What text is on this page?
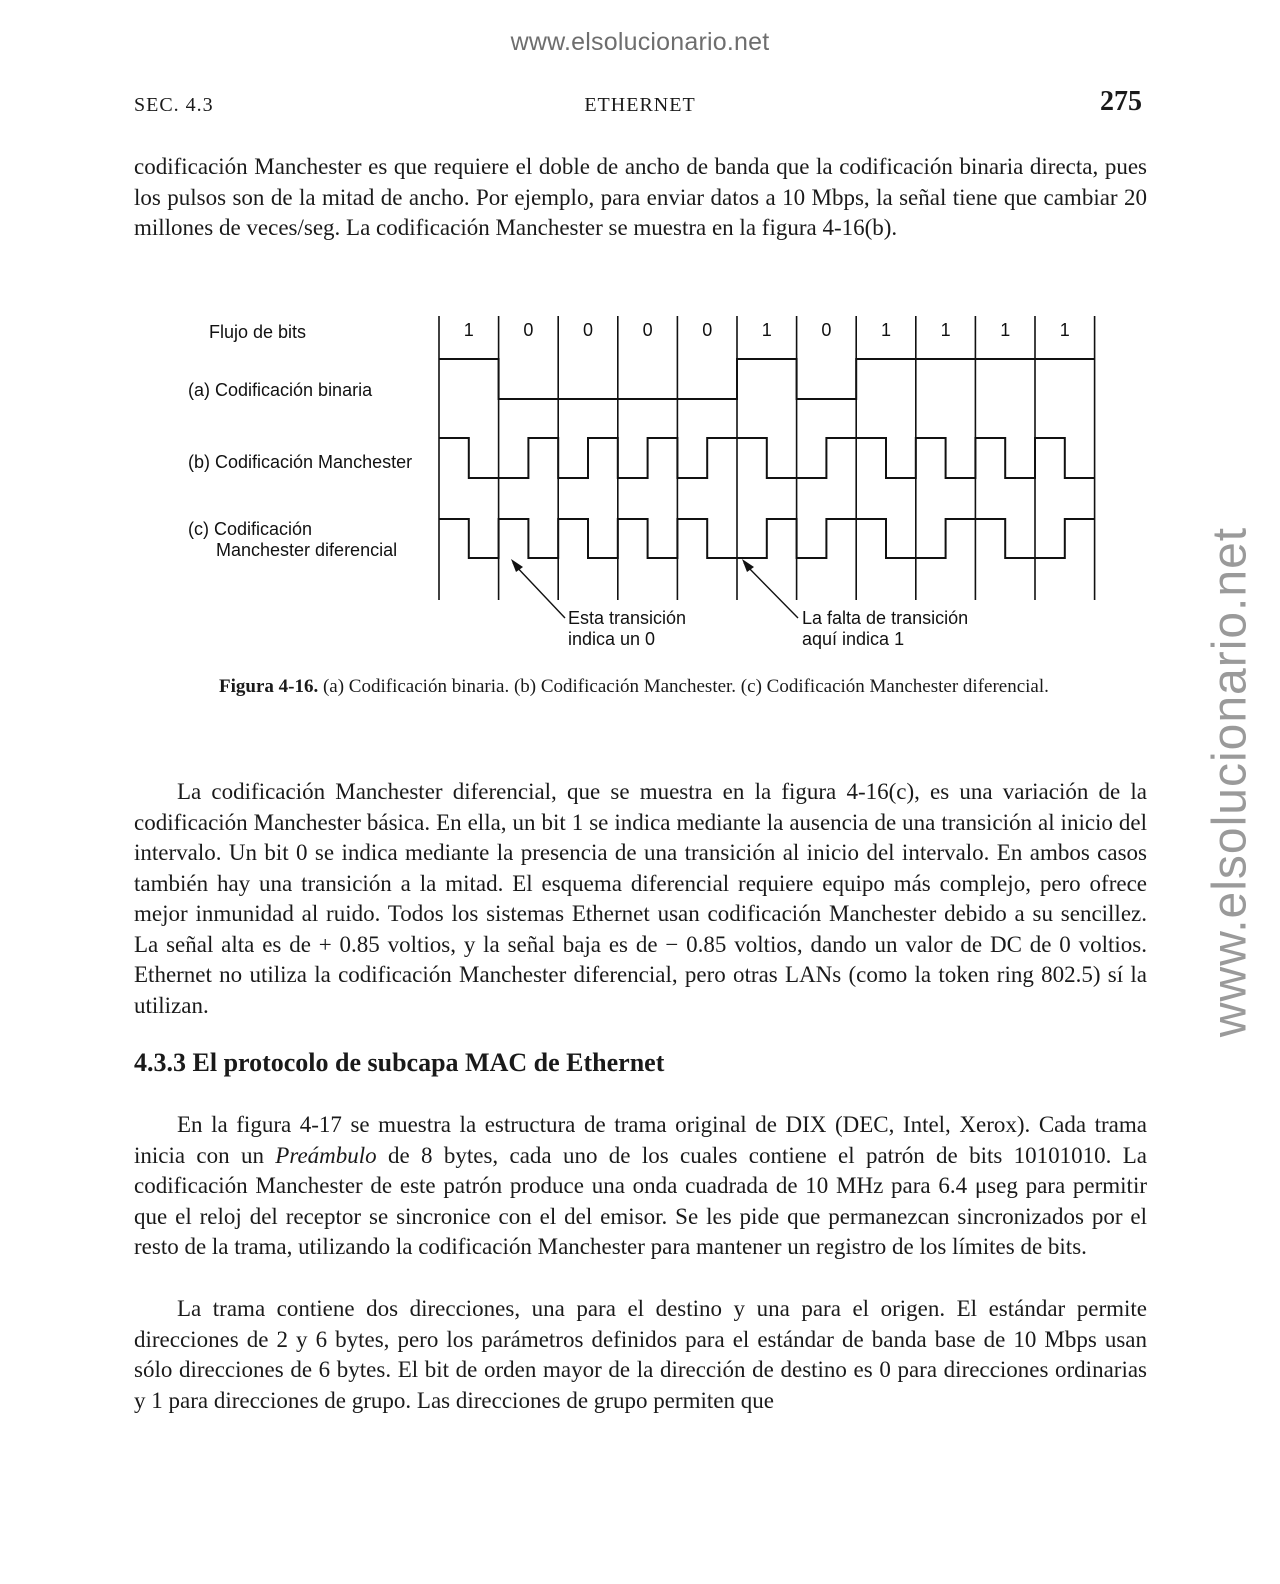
www.elsolucionario.net
www.elsolucionario.net
SEC. 4.3	ETHERNET	275

codificación Manchester es que requiere el doble de ancho de banda que la codificación binaria directa, pues los pulsos son de la mitad de ancho. Por ejemplo, para enviar datos a 10 Mbps, la señal tiene que cambiar 20 millones de veces/seg. La codificación Manchester se muestra en la figura 4-16(b).

Flujo de bits
(a) Codificación binaria
(b) Codificación Manchester
(c) Codificación
Manchester diferencial
1	0	0	0	0	1	0	1	1	1	1
Esta transición
indica un 0
La falta de transición
aquí indica 1
Figura 4-16. (a) Codificación binaria. (b) Codificación Manchester. (c) Codificación Manchester diferencial.

La codificación Manchester diferencial, que se muestra en la figura 4-16(c), es una variación de la codificación Manchester básica. En ella, un bit 1 se indica mediante la ausencia de una transición al inicio del intervalo. Un bit 0 se indica mediante la presencia de una transición al inicio del intervalo. En ambos casos también hay una transición a la mitad. El esquema diferencial requiere equipo más complejo, pero ofrece mejor inmunidad al ruido. Todos los sistemas Ethernet usan codificación Manchester debido a su sencillez. La señal alta es de + 0.85 voltios, y la señal baja es de − 0.85 voltios, dando un valor de DC de 0 voltios. Ethernet no utiliza la codificación Manchester diferencial, pero otras LANs (como la token ring 802.5) sí la utilizan.

4.3.3 El protocolo de subcapa MAC de Ethernet

En la figura 4-17 se muestra la estructura de trama original de DIX (DEC, Intel, Xerox). Cada trama inicia con un Preámbulo de 8 bytes, cada uno de los cuales contiene el patrón de bits 10101010. La codificación Manchester de este patrón produce una onda cuadrada de 10 MHz para 6.4 μseg para permitir que el reloj del receptor se sincronice con el del emisor. Se les pide que permanezcan sincronizados por el resto de la trama, utilizando la codificación Manchester para mantener un registro de los límites de bits.

La trama contiene dos direcciones, una para el destino y una para el origen. El estándar permite direcciones de 2 y 6 bytes, pero los parámetros definidos para el estándar de banda base de 10 Mbps usan sólo direcciones de 6 bytes. El bit de orden mayor de la dirección de destino es 0 para direcciones ordinarias y 1 para direcciones de grupo. Las direcciones de grupo permiten que
